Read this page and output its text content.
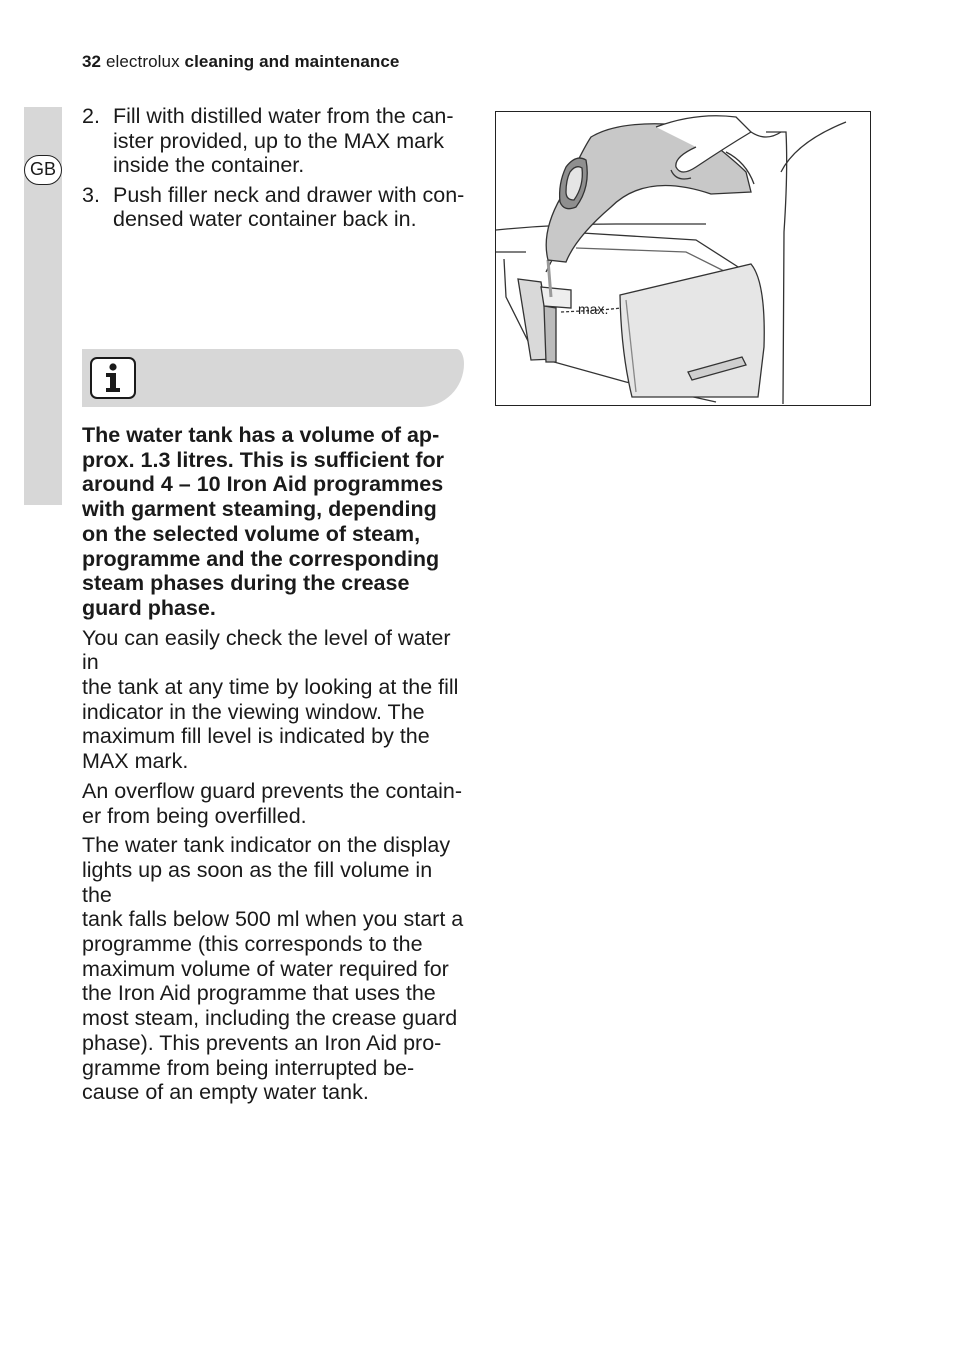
32 electrolux cleaning and maintenance
GB
2. Fill with distilled water from the can-
ister provided, up to the MAX mark
inside the container.
3. Push filler neck and drawer with con-
densed water container back in.

The water tank has a volume of ap-
prox. 1.3 litres. This is sufficient for
around 4 – 10 Iron Aid programmes
with garment steaming, depending
on the selected volume of steam,
programme and the corresponding
steam phases during the crease
guard phase.

You can easily check the level of water in
the tank at any time by looking at the fill
indicator in the viewing window. The
maximum fill level is indicated by the
MAX mark.

An overflow guard prevents the contain-
er from being overfilled.

The water tank indicator on the display
lights up as soon as the fill volume in the
tank falls below 500 ml when you start a
programme (this corresponds to the
maximum volume of water required for
the Iron Aid programme that uses the
most steam, including the crease guard
phase). This prevents an Iron Aid pro-
gramme from being interrupted be-
cause of an empty water tank.

max.
